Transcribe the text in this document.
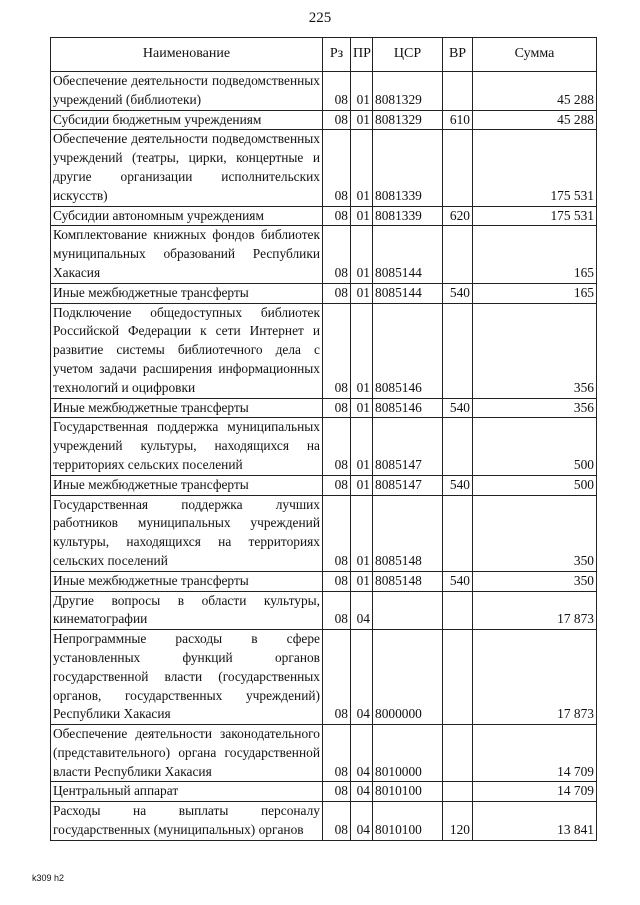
225
Наименование	Рз	ПР	ЦСР	ВР	Сумма
Обеспечение деятельности подведомственных учреждений (библиотеки)	08	01	8081329		45 288
Субсидии бюджетным учреждениям	08	01	8081329	610	45 288
Обеспечение деятельности подведомственных учреждений (театры, цирки, концертные и другие организации исполнительских искусств)	08	01	8081339		175 531
Субсидии автономным учреждениям	08	01	8081339	620	175 531
Комплектование книжных фондов библиотек муниципальных образований Республики Хакасия	08	01	8085144		165
Иные межбюджетные трансферты	08	01	8085144	540	165
Подключение общедоступных библиотек Российской Федерации к сети Интернет и развитие системы библиотечного дела с учетом задачи расширения информационных технологий и оцифровки	08	01	8085146		356
Иные межбюджетные трансферты	08	01	8085146	540	356
Государственная поддержка муниципальных учреждений культуры, находящихся на территориях сельских поселений	08	01	8085147		500
Иные межбюджетные трансферты	08	01	8085147	540	500
Государственная поддержка лучших работников муниципальных учреждений культуры, находящихся на территориях сельских поселений	08	01	8085148		350
Иные межбюджетные трансферты	08	01	8085148	540	350
Другие вопросы в области культуры, кинематографии	08	04			17 873
Непрограммные расходы в сфере установленных функций органов государственной власти (государственных органов, государственных учреждений) Республики Хакасия	08	04	8000000		17 873
Обеспечение деятельности законодательного (представительного) органа государственной власти Республики Хакасия	08	04	8010000		14 709
Центральный аппарат	08	04	8010100		14 709
Расходы на выплаты персоналу государственных (муниципальных) органов	08	04	8010100	120	13 841
k309 h2
